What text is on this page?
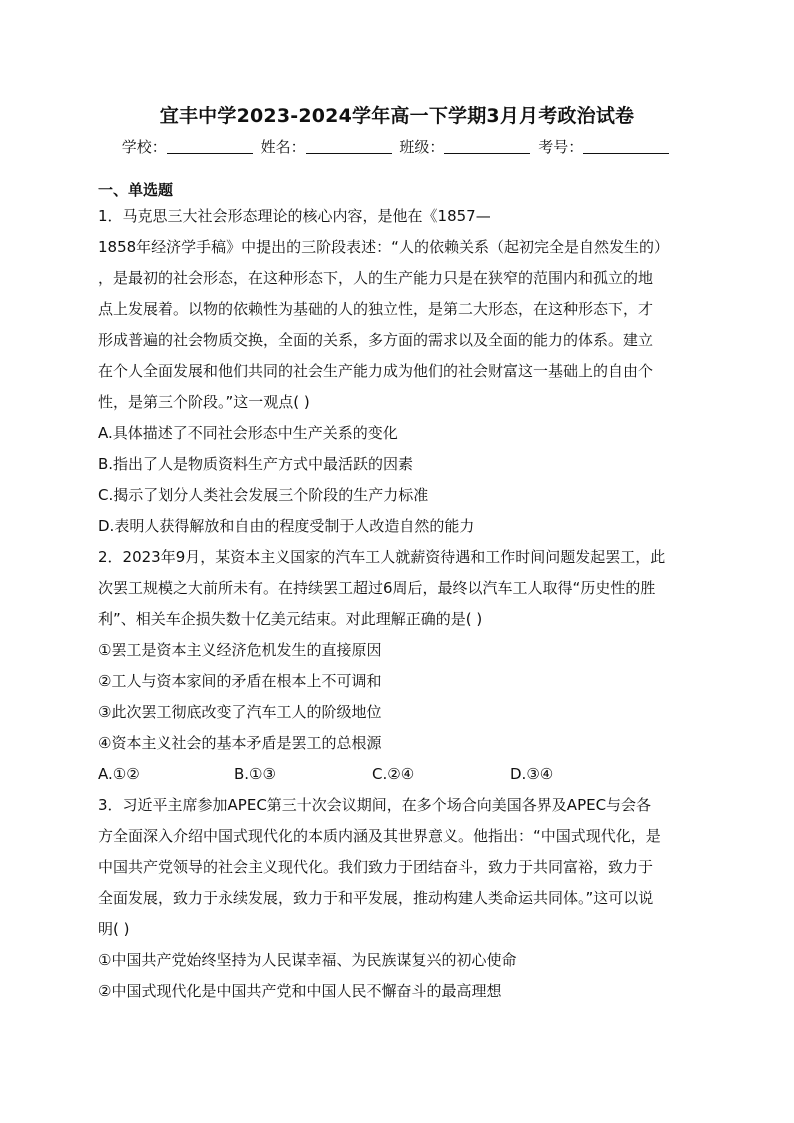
宜丰中学2023-2024学年高一下学期3月月考政治试卷
学校：	姓名：	班级：	考号：
一、单选题
1．马克思三大社会形态理论的核心内容，是他在《1857—
1858年经济学手稿》中提出的三阶段表述：“人的依赖关系（起初完全是自然发生的）
，是最初的社会形态，在这种形态下，人的生产能力只是在狭窄的范围内和孤立的地
点上发展着。以物的依赖性为基础的人的独立性，是第二大形态，在这种形态下，才
形成普遍的社会物质交换，全面的关系，多方面的需求以及全面的能力的体系。建立
在个人全面发展和他们共同的社会生产能力成为他们的社会财富这一基础上的自由个
性，是第三个阶段。”这一观点( )
A.具体描述了不同社会形态中生产关系的变化
B.指出了人是物质资料生产方式中最活跃的因素
C.揭示了划分人类社会发展三个阶段的生产力标准
D.表明人获得解放和自由的程度受制于人改造自然的能力
2．2023年9月，某资本主义国家的汽车工人就薪资待遇和工作时间问题发起罢工，此
次罢工规模之大前所未有。在持续罢工超过6周后，最终以汽车工人取得“历史性的胜
利”、相关车企损失数十亿美元结束。对此理解正确的是( )
①罢工是资本主义经济危机发生的直接原因
②工人与资本家间的矛盾在根本上不可调和
③此次罢工彻底改变了汽车工人的阶级地位
④资本主义社会的基本矛盾是罢工的总根源
A.①②	B.①③	C.②④	D.③④
3．习近平主席参加APEC第三十次会议期间，在多个场合向美国各界及APEC与会各
方全面深入介绍中国式现代化的本质内涵及其世界意义。他指出：“中国式现代化，是
中国共产党领导的社会主义现代化。我们致力于团结奋斗，致力于共同富裕，致力于
全面发展，致力于永续发展，致力于和平发展，推动构建人类命运共同体。”这可以说
明( )
①中国共产党始终坚持为人民谋幸福、为民族谋复兴的初心使命
②中国式现代化是中国共产党和中国人民不懈奋斗的最高理想
